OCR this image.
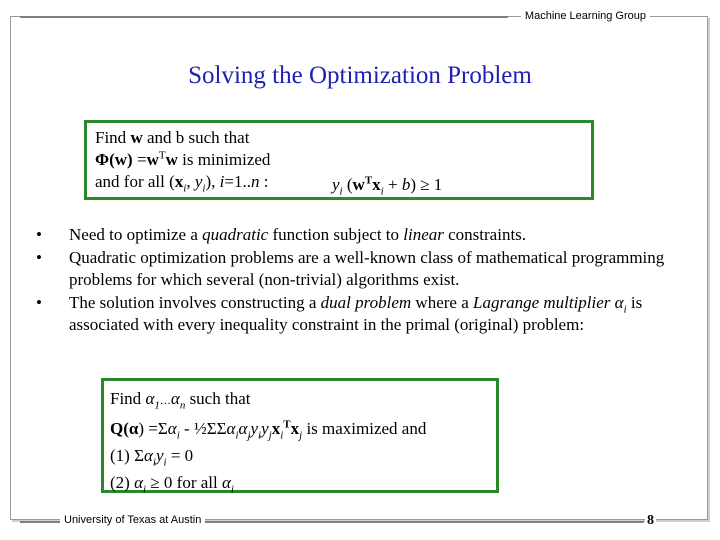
Machine Learning Group
Solving the Optimization Problem
Find w and b such that
$\Phi(w) =w^Tw$ is minimized
and for all ($x_i$, $y_i$), i=1..n :	$y_i$ $(w^Tx_i + b) \ge 1$
• Need to optimize a quadratic function subject to linear constraints.
• Quadratic optimization problems are a well-known class of mathematical programming problems for which several (non-trivial) algorithms exist.
• The solution involves constructing a dual problem where a Lagrange multiplier $\alpha_i$ is associated with every inequality constraint in the primal (original) problem:
Find $\alpha_1\dots\alpha_n$ such that
$Q(\alpha) =\Sigma\alpha_i$ - $\frac{1}{2}\Sigma\Sigma\alpha_i\alpha_jy_iy_jx_i^Tx_j$ is maximized and
(1) $\Sigma\alpha_iy_i = 0$
(2) $\alpha_i \ge 0$ for all $\alpha_i$
University of Texas at Austin	8
